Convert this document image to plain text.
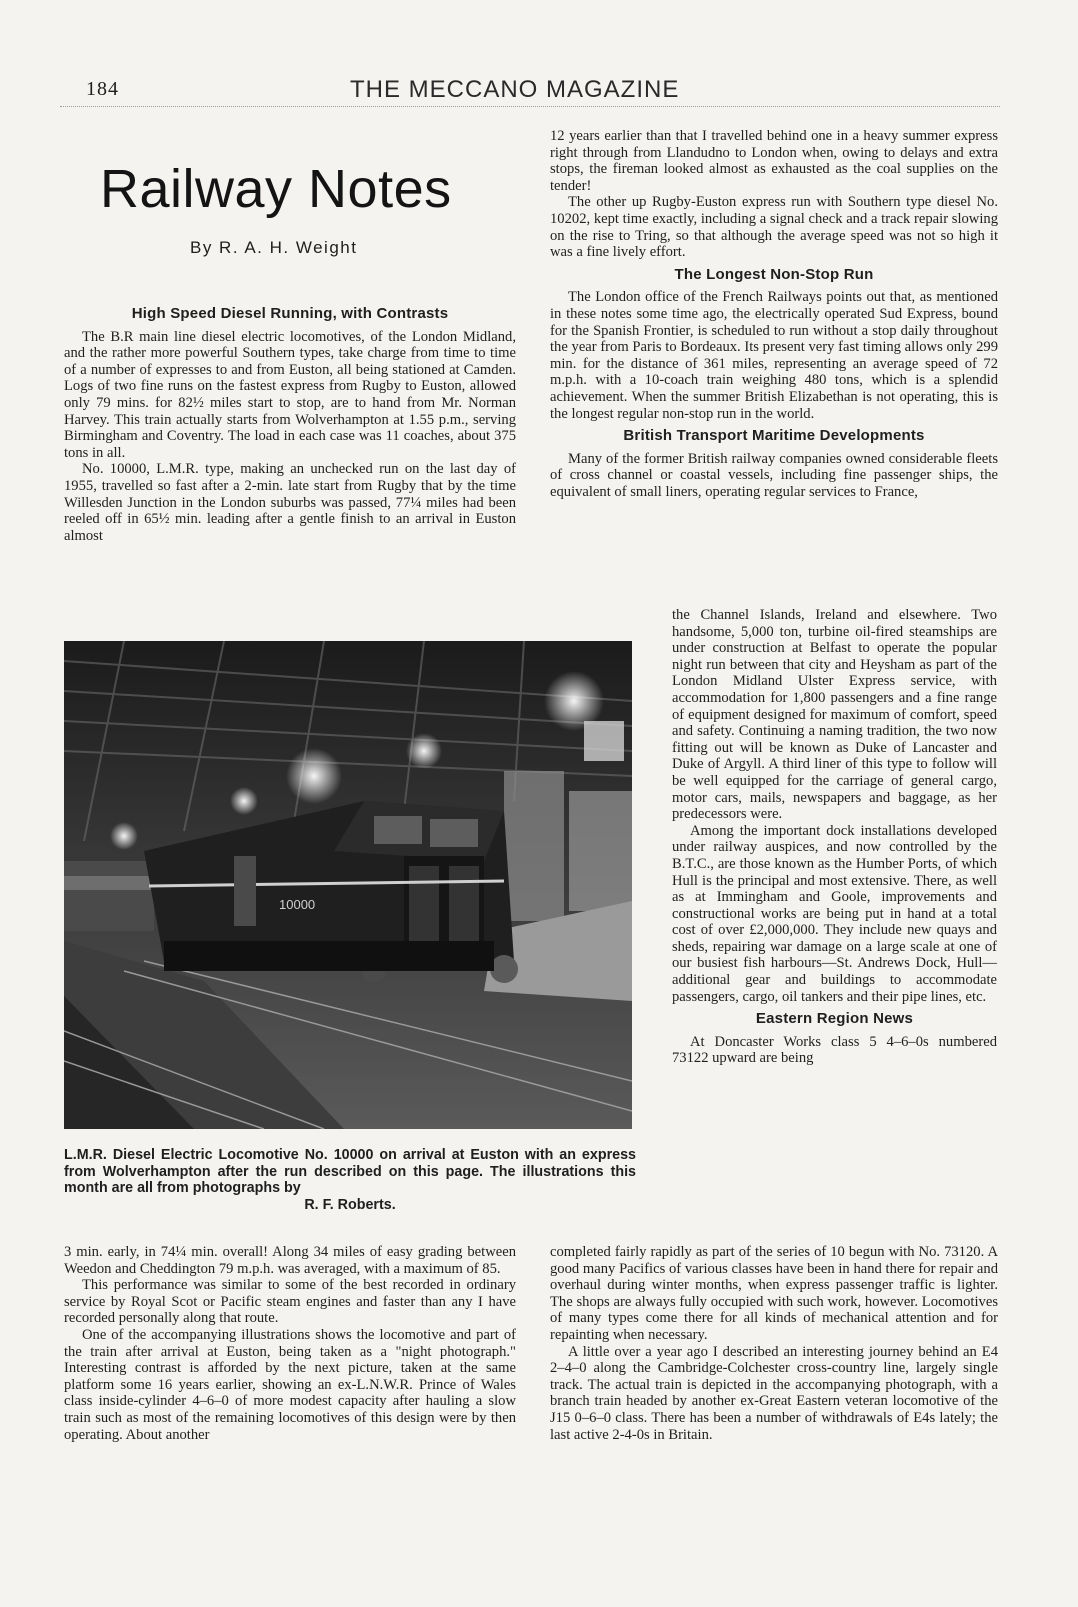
184	THE MECCANO MAGAZINE
Railway Notes
By R. A. H. Weight
High Speed Diesel Running, with Contrasts

The B.R main line diesel electric locomotives, of the London Midland, and the rather more powerful Southern types, take charge from time to time of a number of expresses to and from Euston, all being stationed at Camden. Logs of two fine runs on the fastest express from Rugby to Euston, allowed only 79 mins. for 82½ miles start to stop, are to hand from Mr. Norman Harvey. This train actually starts from Wolverhampton at 1.55 p.m., serving Birmingham and Coventry. The load in each case was 11 coaches, about 375 tons in all.

No. 10000, L.M.R. type, making an unchecked run on the last day of 1955, travelled so fast after a 2-min. late start from Rugby that by the time Willesden Junction in the London suburbs was passed, 77¼ miles had been reeled off in 65½ min. leading after a gentle finish to an arrival in Euston almost

10000
L.M.R. Diesel Electric Locomotive No. 10000 on arrival at Euston with an express from Wolverhampton after the run described on this page. The illustrations this month are all from photographs by
R. F. Roberts.

3 min. early, in 74¼ min. overall! Along 34 miles of easy grading between Weedon and Cheddington 79 m.p.h. was averaged, with a maximum of 85.

This performance was similar to some of the best recorded in ordinary service by Royal Scot or Pacific steam engines and faster than any I have recorded personally along that route.

One of the accompanying illustrations shows the locomotive and part of the train after arrival at Euston, being taken as a "night photograph." Interesting contrast is afforded by the next picture, taken at the same platform some 16 years earlier, showing an ex-L.N.W.R. Prince of Wales class inside-cylinder 4–6–0 of more modest capacity after hauling a slow train such as most of the remaining locomotives of this design were by then operating. About another

12 years earlier than that I travelled behind one in a heavy summer express right through from Llandudno to London when, owing to delays and extra stops, the fireman looked almost as exhausted as the coal supplies on the tender!

The other up Rugby-Euston express run with Southern type diesel No. 10202, kept time exactly, including a signal check and a track repair slowing on the rise to Tring, so that although the average speed was not so high it was a fine lively effort.

The Longest Non-Stop Run

The London office of the French Railways points out that, as mentioned in these notes some time ago, the electrically operated Sud Express, bound for the Spanish Frontier, is scheduled to run without a stop daily throughout the year from Paris to Bordeaux. Its present very fast timing allows only 299 min. for the distance of 361 miles, representing an average speed of 72 m.p.h. with a 10-coach train weighing 480 tons, which is a splendid achievement. When the summer British Elizabethan is not operating, this is the longest regular non-stop run in the world.

British Transport Maritime Developments

Many of the former British railway companies owned considerable fleets of cross channel or coastal vessels, including fine passenger ships, the equivalent of small liners, operating regular services to France,

the Channel Islands, Ireland and elsewhere. Two handsome, 5,000 ton, turbine oil-fired steamships are under construction at Belfast to operate the popular night run between that city and Heysham as part of the London Midland Ulster Express service, with accommodation for 1,800 passengers and a fine range of equipment designed for maximum of comfort, speed and safety. Continuing a naming tradition, the two now fitting out will be known as Duke of Lancaster and Duke of Argyll. A third liner of this type to follow will be well equipped for the carriage of general cargo, motor cars, mails, newspapers and baggage, as her predecessors were.

Among the important dock installations developed under railway auspices, and now controlled by the B.T.C., are those known as the Humber Ports, of which Hull is the principal and most extensive. There, as well as at Immingham and Goole, improvements and constructional works are being put in hand at a total cost of over £2,000,000. They include new quays and sheds, repairing war damage on a large scale at one of our busiest fish harbours—St. Andrews Dock, Hull—additional gear and buildings to accommodate passengers, cargo, oil tankers and their pipe lines, etc.

Eastern Region News

At Doncaster Works class 5 4–6–0s numbered 73122 upward are being

completed fairly rapidly as part of the series of 10 begun with No. 73120. A good many Pacifics of various classes have been in hand there for repair and overhaul during winter months, when express passenger traffic is lighter. The shops are always fully occupied with such work, however. Locomotives of many types come there for all kinds of mechanical attention and for repainting when necessary.

A little over a year ago I described an interesting journey behind an E4 2–4–0 along the Cambridge-Colchester cross-country line, largely single track. The actual train is depicted in the accompanying photograph, with a branch train headed by another ex-Great Eastern veteran locomotive of the J15 0–6–0 class. There has been a number of withdrawals of E4s lately; the last active 2-4-0s in Britain.
